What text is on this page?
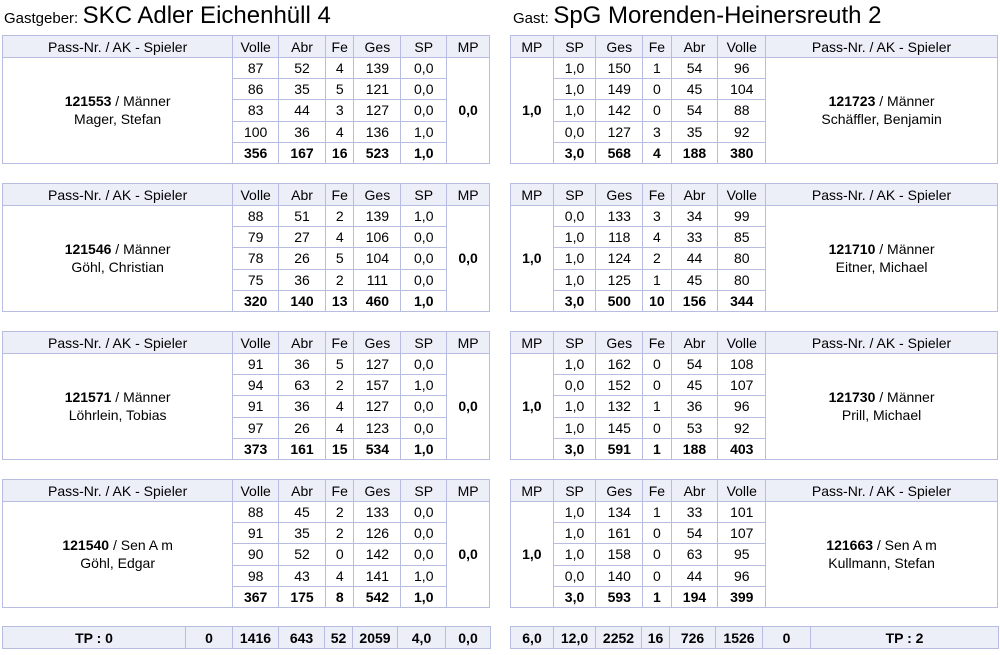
Gastgeber: SKC Adler Eichenhüll 4	Gast: SpG Morenden-Heinersreuth 2
Pass-Nr. / AK - Spieler	Volle	Abr	Fe	Ges	SP	MP

121553 / Männer
Mager, Stefan	87	52	4	139	0,0	0,0
	86	35	5	121	0,0	
	83	44	3	127	0,0	
	100	36	4	136	1,0	
	356	167	16	523	1,0	
Pass-Nr. / AK - Spieler	Volle	Abr	Fe	Ges	SP	MP

121546 / Männer
Göhl, Christian	88	51	2	139	1,0	0,0
	79	27	4	106	0,0	
	78	26	5	104	0,0	
	75	36	2	111	0,0	
	320	140	13	460	1,0	
Pass-Nr. / AK - Spieler	Volle	Abr	Fe	Ges	SP	MP

121571 / Männer
Löhrlein, Tobias	91	36	5	127	0,0	0,0
	94	63	2	157	1,0	
	91	36	4	127	0,0	
	97	26	4	123	0,0	
	373	161	15	534	1,0	
Pass-Nr. / AK - Spieler	Volle	Abr	Fe	Ges	SP	MP

121540 / Sen A m
Göhl, Edgar	88	45	2	133	0,0	0,0
	91	35	2	126	0,0	
	90	52	0	142	0,0	
	98	43	4	141	1,0	
	367	175	8	542	1,0	
MP	SP	Ges	Fe	Abr	Volle	Pass-Nr. / AK - Spieler
1,0	1,0	150	1	54	96	121723 / Männer
Schäffler, Benjamin

	1,0	149	0	45	104	
	1,0	142	0	54	88	
	0,0	127	3	35	92	
	3,0	568	4	188	380	
MP	SP	Ges	Fe	Abr	Volle	Pass-Nr. / AK - Spieler
1,0	0,0	133	3	34	99	121710 / Männer
Eitner, Michael

	1,0	118	4	33	85	
	1,0	124	2	44	80	
	1,0	125	1	45	80	
	3,0	500	10	156	344	
MP	SP	Ges	Fe	Abr	Volle	Pass-Nr. / AK - Spieler
1,0	1,0	162	0	54	108	121730 / Männer
Prill, Michael

	0,0	152	0	45	107	
	1,0	132	1	36	96	
	1,0	145	0	53	92	
	3,0	591	1	188	403	
MP	SP	Ges	Fe	Abr	Volle	Pass-Nr. / AK - Spieler
1,0	1,0	134	1	33	101	121663 / Sen A m
Kullmann, Stefan

	1,0	161	0	54	107	
	1,0	158	0	63	95	
	0,0	140	0	44	96	
	3,0	593	1	194	399	
TP : 0	0	1416	643	52	2059	4,0	0,0	6,0	12,0	2252	16	726	1526	0	TP : 2
